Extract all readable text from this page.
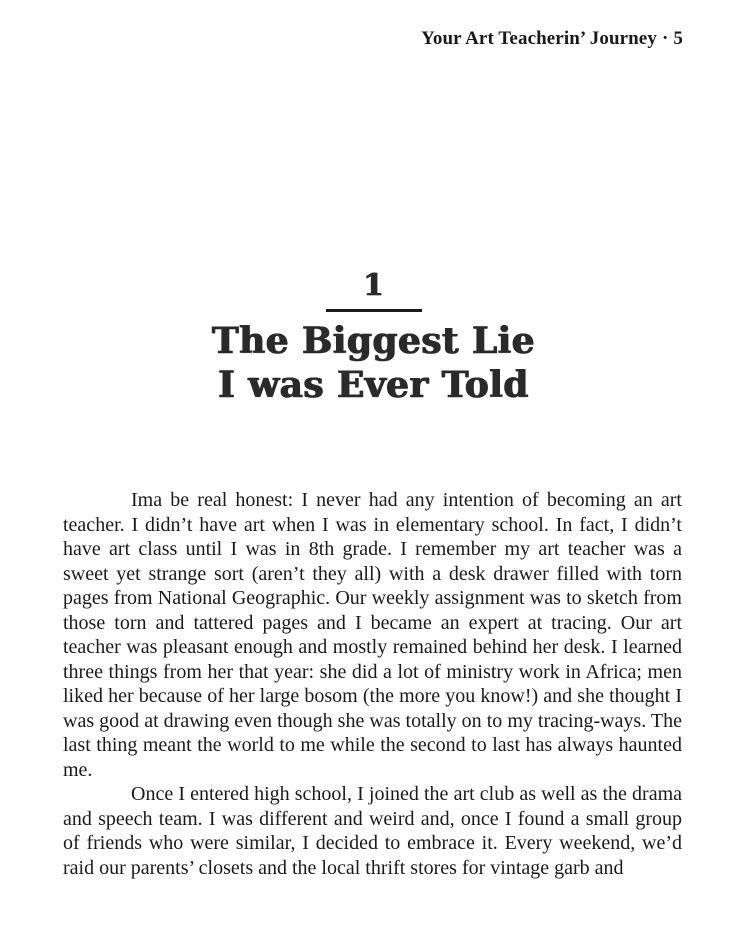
Your Art Teacherin’ Journey · 5
1
The Biggest Lie
I was Ever Told

Ima be real honest: I never had any intention of becoming an art teacher. I didn’t have art when I was in elementary school. In fact, I didn’t have art class until I was in 8th grade. I remember my art teacher was a sweet yet strange sort (aren’t they all) with a desk drawer filled with torn pages from National Geographic. Our weekly assignment was to sketch from those torn and tattered pages and I became an expert at tracing. Our art teacher was pleasant enough and mostly remained behind her desk. I learned three things from her that year: she did a lot of ministry work in Africa; men liked her because of her large bosom (the more you know!) and she thought I was good at drawing even though she was totally on to my tracing-ways. The last thing meant the world to me while the second to last has always haunted me.

Once I entered high school, I joined the art club as well as the drama and speech team. I was different and weird and, once I found a small group of friends who were similar, I decided to embrace it. Every weekend, we’d raid our parents’ closets and the local thrift stores for vintage garb and
